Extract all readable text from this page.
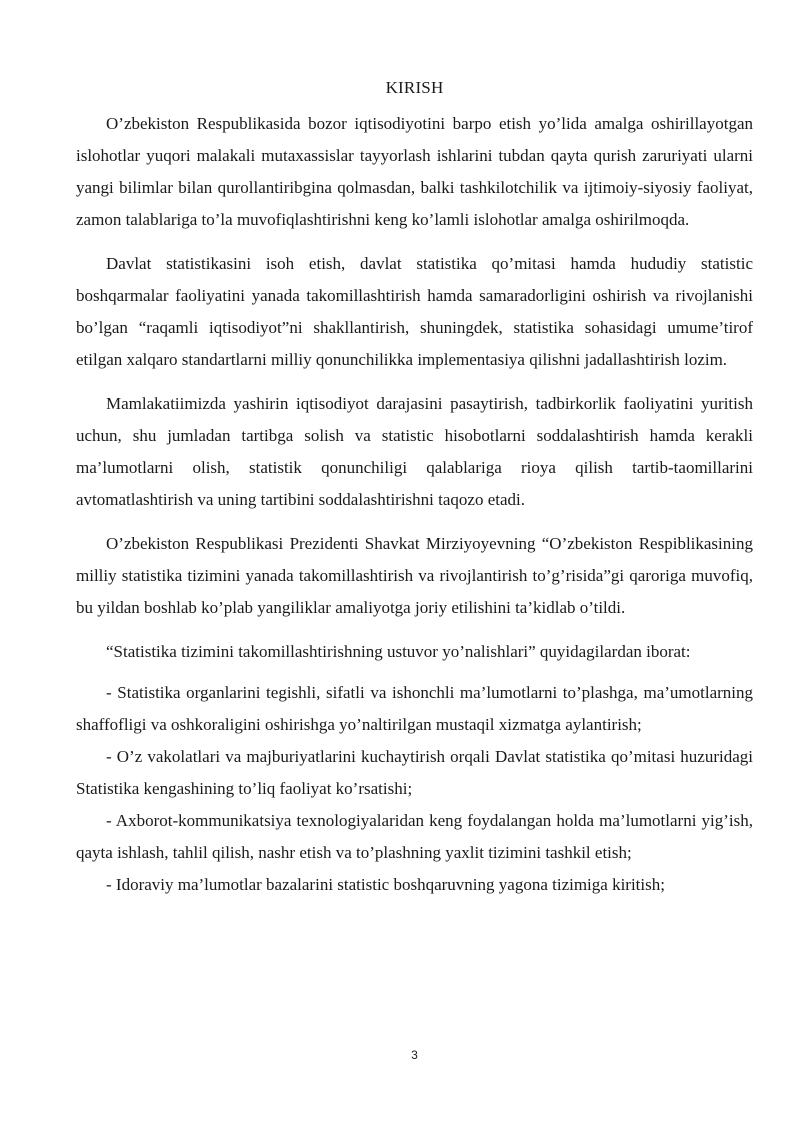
KIRISH

O’zbekiston Respublikasida bozor iqtisodiyotini barpo etish yo’lida amalga oshirillayotgan islohotlar yuqori malakali mutaxassislar tayyorlash ishlarini tubdan qayta qurish zaruriyati ularni yangi bilimlar bilan qurollantiribgina qolmasdan, balki tashkilotchilik va ijtimoiy-siyosiy faoliyat, zamon talablariga to’la muvofiqlashtirishni keng ko’lamli islohotlar amalga oshirilmoqda.

Davlat statistikasini isoh etish, davlat statistika qo’mitasi hamda hududiy statistic boshqarmalar faoliyatini yanada takomillashtirish hamda samaradorligini oshirish va rivojlanishi bo’lgan “raqamli iqtisodiyot”ni shakllantirish, shuningdek, statistika sohasidagi umume’tirof etilgan xalqaro standartlarni milliy qonunchilikka implementasiya qilishni jadallashtirish lozim.

Mamlakatiimizda yashirin iqtisodiyot darajasini pasaytirish, tadbirkorlik faoliyatini yuritish uchun, shu jumladan tartibga solish va statistic hisobotlarni soddalashtirish hamda kerakli ma’lumotlarni olish, statistik qonunchiligi qalablariga rioya qilish tartib-taomillarini avtomatlashtirish va uning tartibini soddalashtirishni taqozo etadi.

O’zbekiston Respublikasi Prezidenti Shavkat Mirziyoyevning “O’zbekiston Respiblikasining milliy statistika tizimini yanada takomillashtirish va rivojlantirish to’g’risida”gi qaroriga muvofiq, bu yildan boshlab ko’plab yangiliklar amaliyotga joriy etilishini ta’kidlab o’tildi.

“Statistika tizimini takomillashtirishning ustuvor yo’nalishlari” quyidagilardan iborat:

- Statistika organlarini tegishli, sifatli va ishonchli ma’lumotlarni to’plashga, ma’umotlarning shaffofligi va oshkoraligini oshirishga yo’naltirilgan mustaqil xizmatga aylantirish;

- O’z vakolatlari va majburiyatlarini kuchaytirish orqali Davlat statistika qo’mitasi huzuridagi Statistika kengashining to’liq faoliyat ko’rsatishi;

- Axborot-kommunikatsiya texnologiyalaridan keng foydalangan holda ma’lumotlarni yig’ish, qayta ishlash, tahlil qilish, nashr etish va to’plashning yaxlit tizimini tashkil etish;

- Idoraviy ma’lumotlar bazalarini statistic boshqaruvning yagona tizimiga kiritish;

3
